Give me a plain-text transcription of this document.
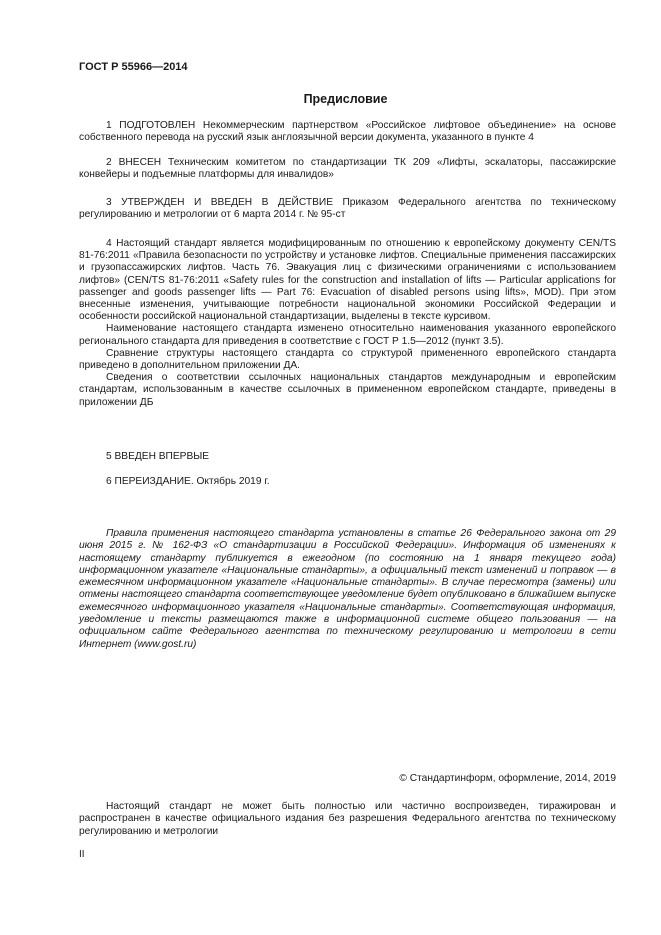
ГОСТ Р 55966—2014
Предисловие

1 ПОДГОТОВЛЕН Некоммерческим партнерством «Российское лифтовое объединение» на основе собственного перевода на русский язык англоязычной версии документа, указанного в пункте 4

2 ВНЕСЕН Техническим комитетом по стандартизации ТК 209 «Лифты, эскалаторы, пассажирские конвейеры и подъемные платформы для инвалидов»

3 УТВЕРЖДЕН И ВВЕДЕН В ДЕЙСТВИЕ Приказом Федерального агентства по техническому регулированию и метрологии от 6 марта 2014 г. № 95-ст

4 Настоящий стандарт является модифицированным по отношению к европейскому документу CEN/TS 81-76:2011 «Правила безопасности по устройству и установке лифтов. Специальные применения пассажирских и грузопассажирских лифтов. Часть 76. Эвакуация лиц с физическими ограничениями с использованием лифтов» (CEN/TS 81-76:2011 «Safety rules for the construction and installation of lifts — Particular applications for passenger and goods passenger lifts — Part 76: Evacuation of disabled persons using lifts», MOD). При этом внесенные изменения, учитывающие потребности национальной экономики Российской Федерации и особенности российской национальной стандартизации, выделены в тексте курсивом.

Наименование настоящего стандарта изменено относительно наименования указанного европейского регионального стандарта для приведения в соответствие с ГОСТ Р 1.5—2012 (пункт 3.5).

Сравнение структуры настоящего стандарта со структурой примененного европейского стандарта приведено в дополнительном приложении ДА.

Сведения о соответствии ссылочных национальных стандартов международным и европейским стандартам, использованным в качестве ссылочных в примененном европейском стандарте, приведены в приложении ДБ

5 ВВЕДЕН ВПЕРВЫЕ

6 ПЕРЕИЗДАНИЕ. Октябрь 2019 г.

Правила применения настоящего стандарта установлены в статье 26 Федерального закона от 29 июня 2015 г. № 162-ФЗ «О стандартизации в Российской Федерации». Информация об изменениях к настоящему стандарту публикуется в ежегодном (по состоянию на 1 января текущего года) информационном указателе «Национальные стандарты», а официальный текст изменений и поправок — в ежемесячном информационном указателе «Национальные стандарты». В случае пересмотра (замены) или отмены настоящего стандарта соответствующее уведомление будет опубликовано в ближайшем выпуске ежемесячного информационного указателя «Национальные стандарты». Соответствующая информация, уведомление и тексты размещаются также в информационной системе общего пользования — на официальном сайте Федерального агентства по техническому регулированию и метрологии в сети Интернет (www.gost.ru)

© Стандартинформ, оформление, 2014, 2019

Настоящий стандарт не может быть полностью или частично воспроизведен, тиражирован и распространен в качестве официального издания без разрешения Федерального агентства по техническому регулированию и метрологии

II
